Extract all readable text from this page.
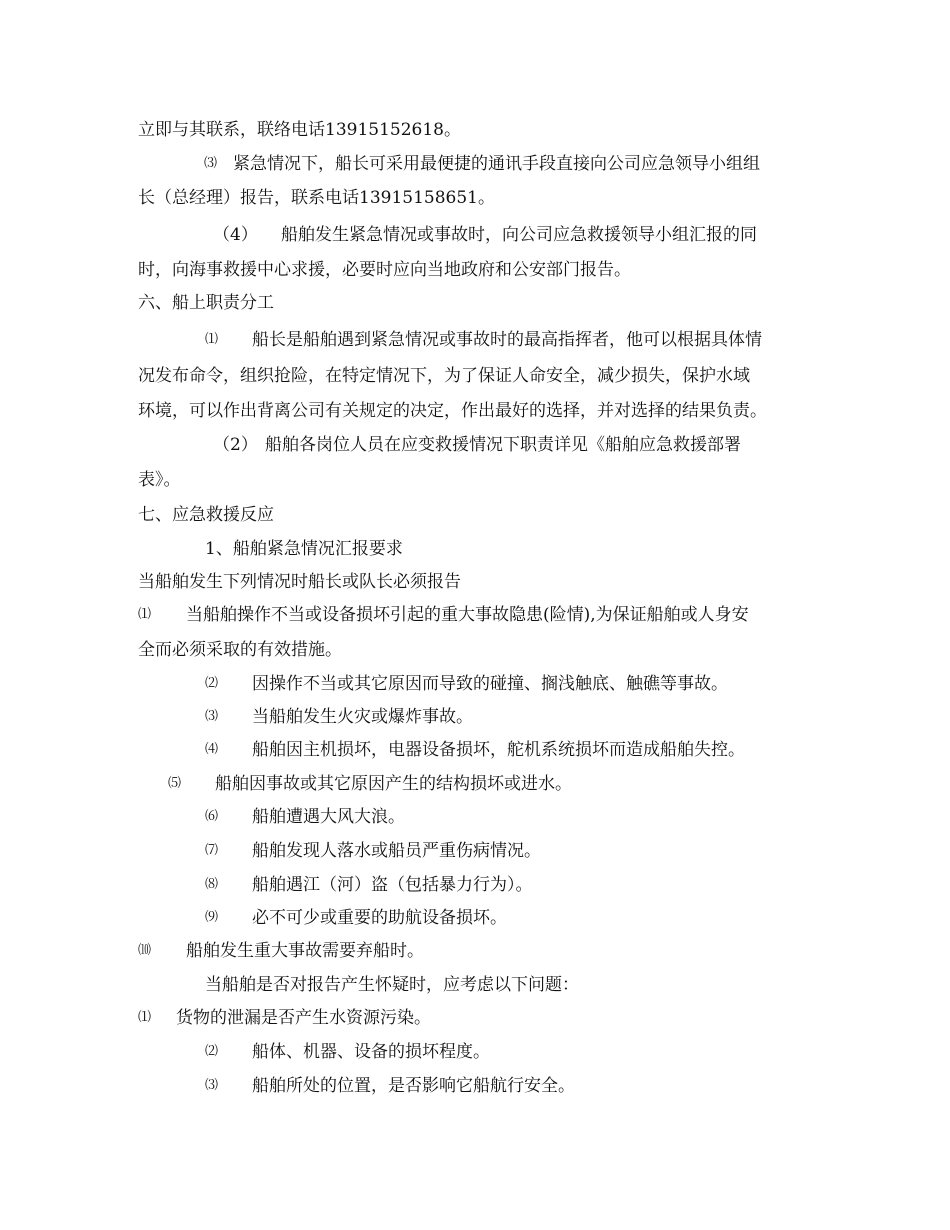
立即与其联系，联络电话13915152618。
⑶ 紧急情况下，船长可采用最便捷的通讯手段直接向公司应急领导小组组
长（总经理）报告，联系电话13915158651。
（4） 船舶发生紧急情况或事故时，向公司应急救援领导小组汇报的同
时，向海事救援中心求援，必要时应向当地政府和公安部门报告。
六、船上职责分工
⑴ 船长是船舶遇到紧急情况或事故时的最高指挥者，他可以根据具体情
况发布命令，组织抢险，在特定情况下，为了保证人命安全，减少损失，保护水域
环境，可以作出背离公司有关规定的决定，作出最好的选择，并对选择的结果负责。
（2） 船舶各岗位人员在应变救援情况下职责详见《船舶应急救援部署
表》。
七、应急救援反应
1、船舶紧急情况汇报要求
当船舶发生下列情况时船长或队长必须报告
⑴ 当船舶操作不当或设备损坏引起的重大事故隐患(险情),为保证船舶或人身安
全而必须采取的有效措施。
⑵ 因操作不当或其它原因而导致的碰撞、搁浅触底、触礁等事故。
⑶ 当船舶发生火灾或爆炸事故。
⑷ 船舶因主机损坏，电器设备损坏，舵机系统损坏而造成船舶失控。
⑸ 船舶因事故或其它原因产生的结构损坏或进水。
⑹ 船舶遭遇大风大浪。
⑺ 船舶发现人落水或船员严重伤病情况。
⑻ 船舶遇江（河）盗（包括暴力行为）。
⑼ 必不可少或重要的助航设备损坏。
⑽ 船舶发生重大事故需要弃船时。
当船舶是否对报告产生怀疑时，应考虑以下问题：
⑴ 货物的泄漏是否产生水资源污染。
⑵ 船体、机器、设备的损坏程度。
⑶ 船舶所处的位置，是否影响它船航行安全。
